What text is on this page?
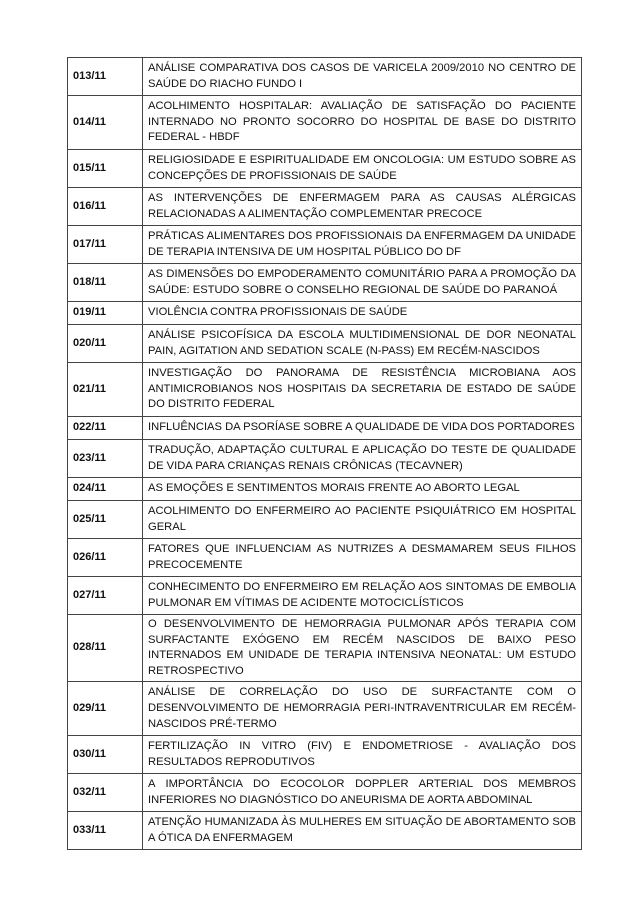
013/11	ANÁLISE COMPARATIVA DOS CASOS DE VARICELA 2009/2010 NO CENTRO DE SAÚDE DO RIACHO FUNDO I
014/11	ACOLHIMENTO HOSPITALAR: AVALIAÇÃO DE SATISFAÇÃO DO PACIENTE INTERNADO NO PRONTO SOCORRO DO HOSPITAL DE BASE DO DISTRITO FEDERAL - HBDF
015/11	RELIGIOSIDADE E ESPIRITUALIDADE EM ONCOLOGIA: UM ESTUDO SOBRE AS CONCEPÇÕES DE PROFISSIONAIS DE SAÚDE
016/11	AS INTERVENÇÕES DE ENFERMAGEM PARA AS CAUSAS ALÉRGICAS RELACIONADAS A ALIMENTAÇÃO COMPLEMENTAR PRECOCE
017/11	PRÁTICAS ALIMENTARES DOS PROFISSIONAIS DA ENFERMAGEM DA UNIDADE DE TERAPIA INTENSIVA DE UM HOSPITAL PÚBLICO DO DF
018/11	AS DIMENSÕES DO EMPODERAMENTO COMUNITÁRIO PARA A PROMOÇÃO DA SAÚDE: ESTUDO SOBRE O CONSELHO REGIONAL DE SAÚDE DO PARANOÁ
019/11	VIOLÊNCIA CONTRA PROFISSIONAIS DE SAÚDE
020/11	ANÁLISE PSICOFÍSICA DA ESCOLA MULTIDIMENSIONAL DE DOR NEONATAL PAIN, AGITATION AND SEDATION SCALE (N-PASS) EM RECÉM-NASCIDOS
021/11	INVESTIGAÇÃO DO PANORAMA DE RESISTÊNCIA MICROBIANA AOS ANTIMICROBIANOS NOS HOSPITAIS DA SECRETARIA DE ESTADO DE SAÚDE DO DISTRITO FEDERAL
022/11	INFLUÊNCIAS DA PSORÍASE SOBRE A QUALIDADE DE VIDA DOS PORTADORES
023/11	TRADUÇÃO, ADAPTAÇÃO CULTURAL E APLICAÇÃO DO TESTE DE QUALIDADE DE VIDA PARA CRIANÇAS RENAIS CRÔNICAS (TECAVNER)
024/11	AS EMOÇÕES E SENTIMENTOS MORAIS FRENTE AO ABORTO LEGAL
025/11	ACOLHIMENTO DO ENFERMEIRO AO PACIENTE PSIQUIÁTRICO EM HOSPITAL GERAL
026/11	FATORES QUE INFLUENCIAM AS NUTRIZES A DESMAMAREM SEUS FILHOS PRECOCEMENTE
027/11	CONHECIMENTO DO ENFERMEIRO EM RELAÇÃO AOS SINTOMAS DE EMBOLIA PULMONAR EM VÍTIMAS DE ACIDENTE MOTOCICLÍSTICOS
028/11	O DESENVOLVIMENTO DE HEMORRAGIA PULMONAR APÓS TERAPIA COM SURFACTANTE EXÓGENO EM RECÉM NASCIDOS DE BAIXO PESO INTERNADOS EM UNIDADE DE TERAPIA INTENSIVA NEONATAL: UM ESTUDO RETROSPECTIVO
029/11	ANÁLISE DE CORRELAÇÃO DO USO DE SURFACTANTE COM O DESENVOLVIMENTO DE HEMORRAGIA PERI-INTRAVENTRICULAR EM RECÉM-NASCIDOS PRÉ-TERMO
030/11	FERTILIZAÇÃO IN VITRO (FIV) E ENDOMETRIOSE - AVALIAÇÃO DOS RESULTADOS REPRODUTIVOS
032/11	A IMPORTÂNCIA DO ECOCOLOR DOPPLER ARTERIAL DOS MEMBROS INFERIORES NO DIAGNÓSTICO DO ANEURISMA DE AORTA ABDOMINAL
033/11	ATENÇÃO HUMANIZADA ÀS MULHERES EM SITUAÇÃO DE ABORTAMENTO SOB A ÓTICA DA ENFERMAGEM
